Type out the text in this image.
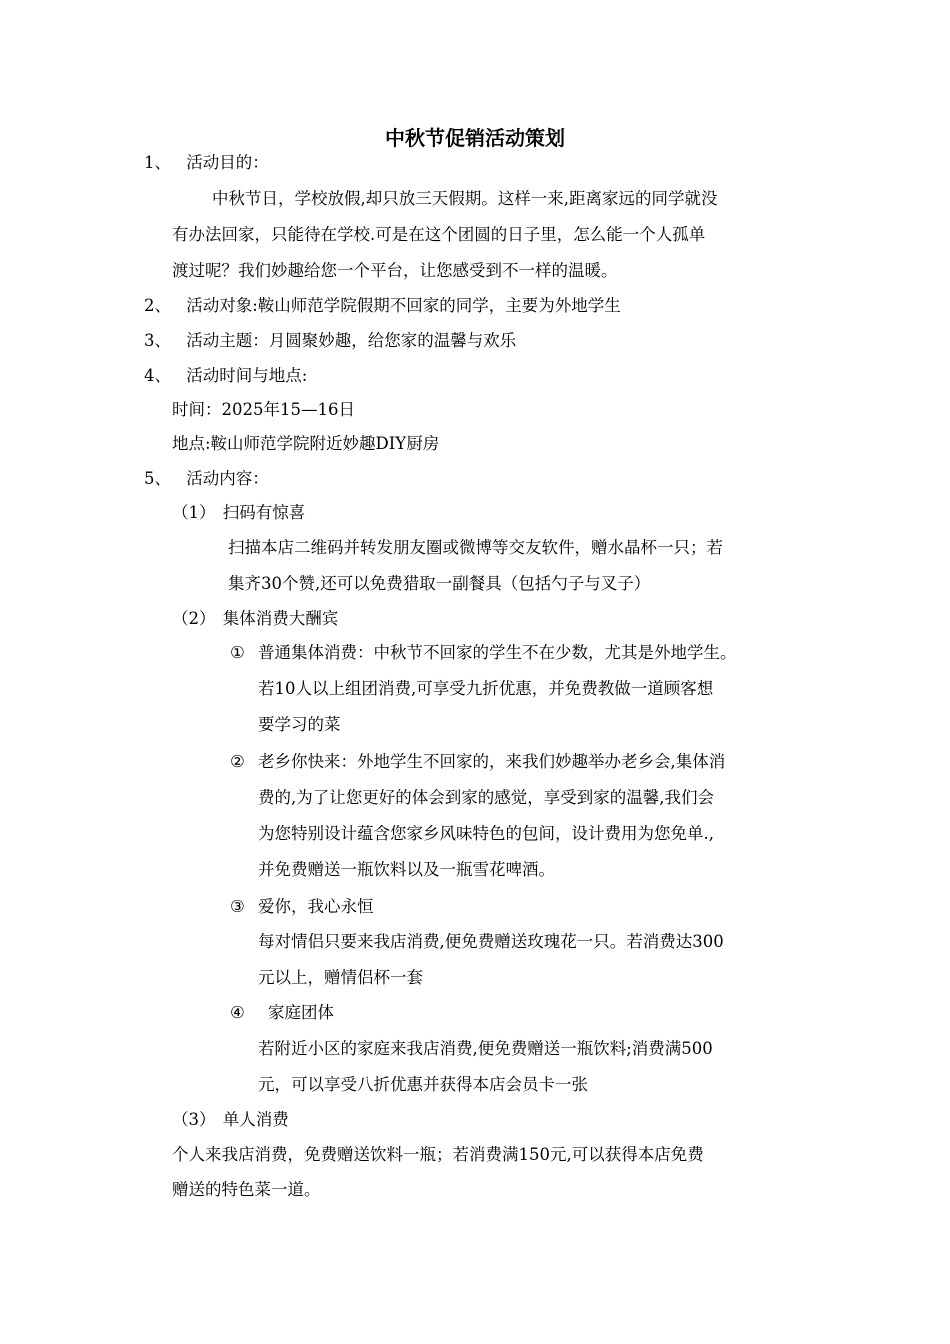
中秋节促销活动策划
1、 活动目的：
中秋节日，学校放假,却只放三天假期。这样一来,距离家远的同学就没
有办法回家，只能待在学校.可是在这个团圆的日子里，怎么能一个人孤单
渡过呢？我们妙趣给您一个平台，让您感受到不一样的温暖。
2、 活动对象:鞍山师范学院假期不回家的同学，主要为外地学生
3、 活动主题：月圆聚妙趣，给您家的温馨与欢乐
4、 活动时间与地点:
时间：2025年15—16日
地点:鞍山师范学院附近妙趣DIY厨房
5、 活动内容：
（1） 扫码有惊喜
扫描本店二维码并转发朋友圈或微博等交友软件，赠水晶杯一只；若
集齐30个赞,还可以免费猎取一副餐具（包括勺子与叉子）
（2） 集体消费大酬宾
① 普通集体消费：中秋节不回家的学生不在少数，尤其是外地学生。
若10人以上组团消费,可享受九折优惠，并免费教做一道顾客想
要学习的菜
② 老乡你快来：外地学生不回家的，来我们妙趣举办老乡会,集体消
费的,为了让您更好的体会到家的感觉，享受到家的温馨,我们会
为您特别设计蕴含您家乡风味特色的包间，设计费用为您免单.,
并免费赠送一瓶饮料以及一瓶雪花啤酒。
③ 爱你，我心永恒
每对情侣只要来我店消费,便免费赠送玫瑰花一只。若消费达300
元以上，赠情侣杯一套
④ 家庭团体
若附近小区的家庭来我店消费,便免费赠送一瓶饮料;消费满500
元，可以享受八折优惠并获得本店会员卡一张
（3） 单人消费
个人来我店消费，免费赠送饮料一瓶；若消费满150元,可以获得本店免费
赠送的特色菜一道。
